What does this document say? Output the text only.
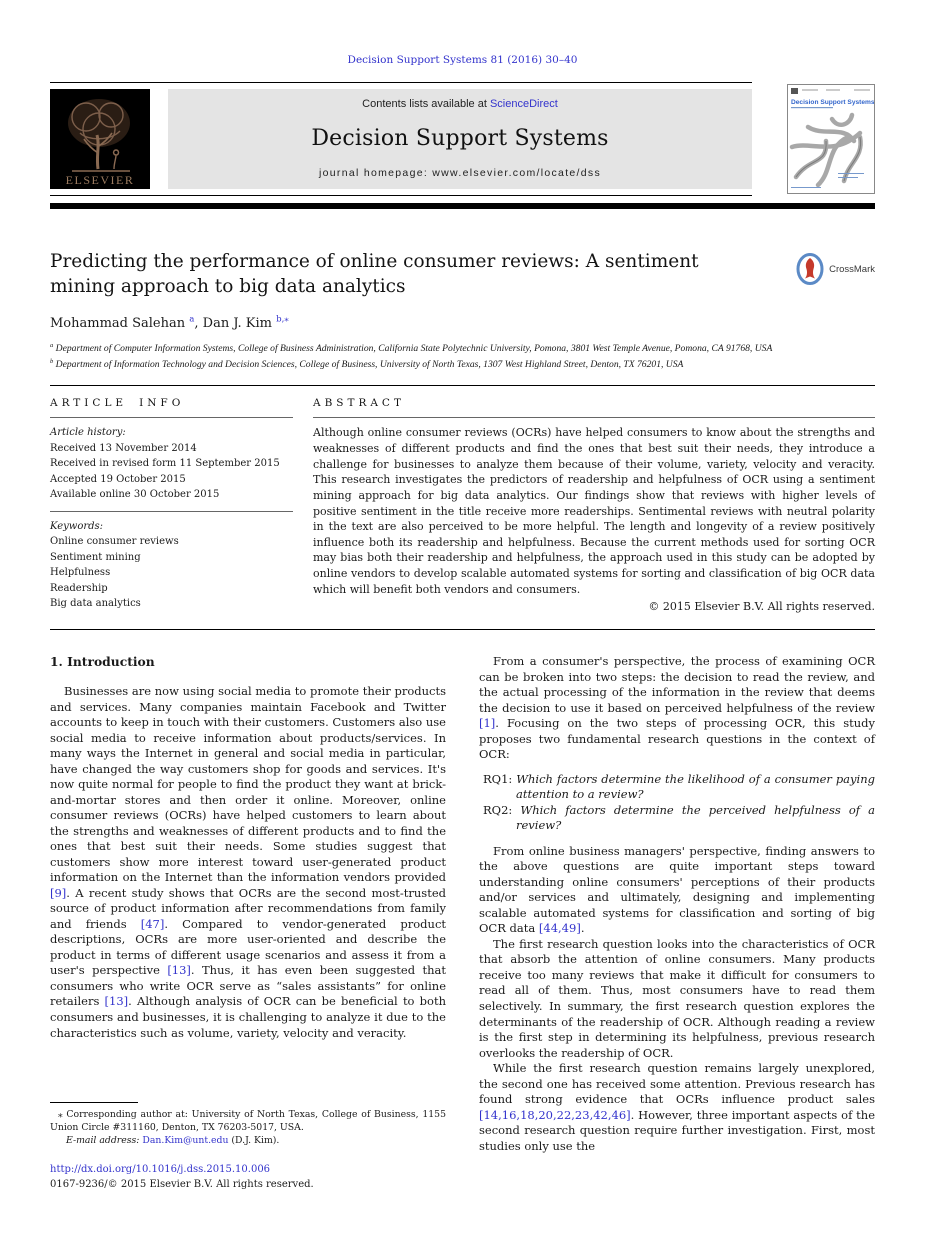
Decision Support Systems 81 (2016) 30–40
ELSEVIER
Contents lists available at ScienceDirect
Decision Support Systems
journal homepage: www.elsevier.com/locate/dss
Decision Support Systems
Predicting the performance of online consumer reviews: A sentiment mining approach to big data analytics
CrossMark
Mohammad Salehan $^a$, Dan J. Kim $^{b,⁎}$
$^a$ Department of Computer Information Systems, College of Business Administration, California State Polytechnic University, Pomona, 3801 West Temple Avenue, Pomona, CA 91768, USA
$^b$ Department of Information Technology and Decision Sciences, College of Business, University of North Texas, 1307 West Highland Street, Denton, TX 76201, USA
ARTICLE INFO
Article history:
Received 13 November 2014
Received in revised form 11 September 2015
Accepted 19 October 2015
Available online 30 October 2015
Keywords:
Online consumer reviews
Sentiment mining
Helpfulness
Readership
Big data analytics
ABSTRACT

Although online consumer reviews (OCRs) have helped consumers to know about the strengths and weaknesses of different products and find the ones that best suit their needs, they introduce a challenge for businesses to analyze them because of their volume, variety, velocity and veracity. This research investigates the predictors of readership and helpfulness of OCR using a sentiment mining approach for big data analytics. Our findings show that reviews with higher levels of positive sentiment in the title receive more readerships. Sentimental reviews with neutral polarity in the text are also perceived to be more helpful. The length and longevity of a review positively influence both its readership and helpfulness. Because the current methods used for sorting OCR may bias both their readership and helpfulness, the approach used in this study can be adopted by online vendors to develop scalable automated systems for sorting and classification of big OCR data which will benefit both vendors and consumers.

© 2015 Elsevier B.V. All rights reserved.
1. Introduction

Businesses are now using social media to promote their products and services. Many companies maintain Facebook and Twitter accounts to keep in touch with their customers. Customers also use social media to receive information about products/services. In many ways the Internet in general and social media in particular, have changed the way customers shop for goods and services. It's now quite normal for people to find the product they want at brick-and-mortar stores and then order it online. Moreover, online consumer reviews (OCRs) have helped customers to learn about the strengths and weaknesses of different products and to find the ones that best suit their needs. Some studies suggest that customers show more interest toward user-generated product information on the Internet than the information vendors provided [9]. A recent study shows that OCRs are the second most-trusted source of product information after recommendations from family and friends [47]. Compared to vendor-generated product descriptions, OCRs are more user-oriented and describe the product in terms of different usage scenarios and assess it from a user's perspective [13]. Thus, it has even been suggested that consumers who write OCR serve as “sales assistants” for online retailers [13]. Although analysis of OCR can be beneficial to both consumers and businesses, it is challenging to analyze it due to the characteristics such as volume, variety, velocity and veracity.

⁎ Corresponding author at: University of North Texas, College of Business, 1155 Union Circle #311160, Denton, TX 76203-5017, USA.

E-mail address: Dan.Kim@unt.edu (D.J. Kim).

http://dx.doi.org/10.1016/j.dss.2015.10.006
0167-9236/© 2015 Elsevier B.V. All rights reserved.

From a consumer's perspective, the process of examining OCR can be broken into two steps: the decision to read the review, and the actual processing of the information in the review that deems the decision to use it based on perceived helpfulness of the review [1]. Focusing on the two steps of processing OCR, this study proposes two fundamental research questions in the context of OCR:

RQ1: Which factors determine the likelihood of a consumer paying attention to a review?
RQ2: Which factors determine the perceived helpfulness of a review?

From online business managers' perspective, finding answers to the above questions are quite important steps toward understanding online consumers' perceptions of their products and/or services and ultimately, designing and implementing scalable automated systems for classification and sorting of big OCR data [44,49].

The first research question looks into the characteristics of OCR that absorb the attention of online consumers. Many products receive too many reviews that make it difficult for consumers to read all of them. Thus, most consumers have to read them selectively. In summary, the first research question explores the determinants of the readership of OCR. Although reading a review is the first step in determining its helpfulness, previous research overlooks the readership of OCR.

While the first research question remains largely unexplored, the second one has received some attention. Previous research has found strong evidence that OCRs influence product sales [14,16,18,20,22,23,42,46]. However, three important aspects of the second research question require further investigation. First, most studies only use the
